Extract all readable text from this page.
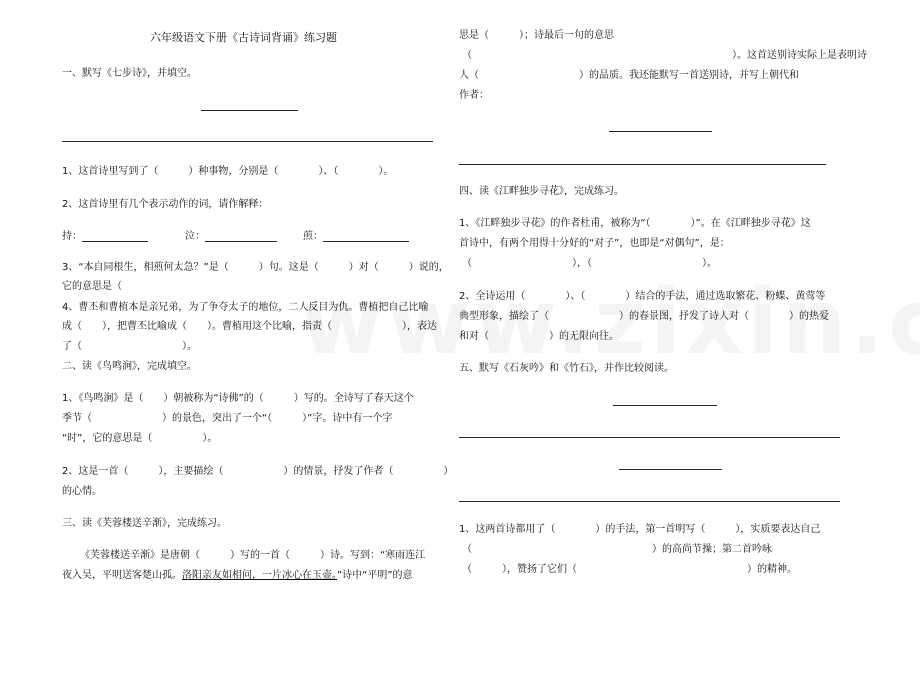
六年级语文下册《古诗词背诵》练习题
一、默写《七步诗》，并填空。
1、这首诗里写到了（　　　）种事物，分别是（　　　　）、（　　　　）。
2、这首诗里有几个表示动作的词，请作解释：
持：	泣：	煎：
3、“本自同根生，相煎何太急？”是（　　　）句。这是（　　　）对（　　　）说的，
它的意思是（
4、曹丕和曹植本是亲兄弟，为了争夺太子的地位，二人反目为仇。曹植把自己比喻
成（　　），把曹丕比喻成（　　）。曹植用这个比喻，指责（　　　　　　　），表达
了（　　　　　　　　　　）。
二、读《鸟鸣涧》，完成填空。
1、《鸟鸣涧》是（　　）朝被称为“诗佛”的（　　　）写的。全诗写了春天这个
季节（　　　　　　　）的景色，突出了一个“（　　　）”字。诗中有一个字
“时”，它的意思是（　　　　　）。
2、这是一首（　　　），主要描绘（　　　　　　）的情景，抒发了作者（　　　　　）
的心情。
三、读《芙蓉楼送辛渐》，完成练习。
《芙蓉楼送辛渐》是唐朝（　　　）写的一首（　　　）诗。写到：“寒雨连江
夜入吴，平明送客楚山孤。洛阳亲友如相问，一片冰心在玉壶。”诗中“平明”的意
思是（　　　）；诗最后一句的意思
（　　　　　　　　　　　　　　　　　　　　　　　　　　）。这首送别诗实际上是表明诗
人（　　　　　　　　　　）的品质。我还能默写一首送别诗，并写上朝代和
作者：
四、读《江畔独步寻花》，完成练习。
1、《江畔独步寻花》的作者杜甫，被称为“（　　　　）”。在《江畔独步寻花》这
首诗中，有两个用得十分好的“对子”，也即是“对偶句”，是：
（　　　　　　　　　　），（　　　　　　　　　　　）。
2、全诗运用（　　　　）、（　　　　）结合的手法，通过选取繁花、粉蝶、黄莺等
典型形象，描绘了（　　　　　　　）的春景图，抒发了诗人对（　　　　）的热爱
和对（　　　　　　）的无限向往。
五、默写《石灰吟》和《竹石》，并作比较阅读。
1、这两首诗都用了（　　　　）的手法，第一首明写（　　　），实质要表达自己
（　　　　　　　　　　　　　　　　　　）的高尚节操；第二首吟咏
（　　　），赞扬了它们（　　　　　　　　　　　　　　　　　）的精神。
